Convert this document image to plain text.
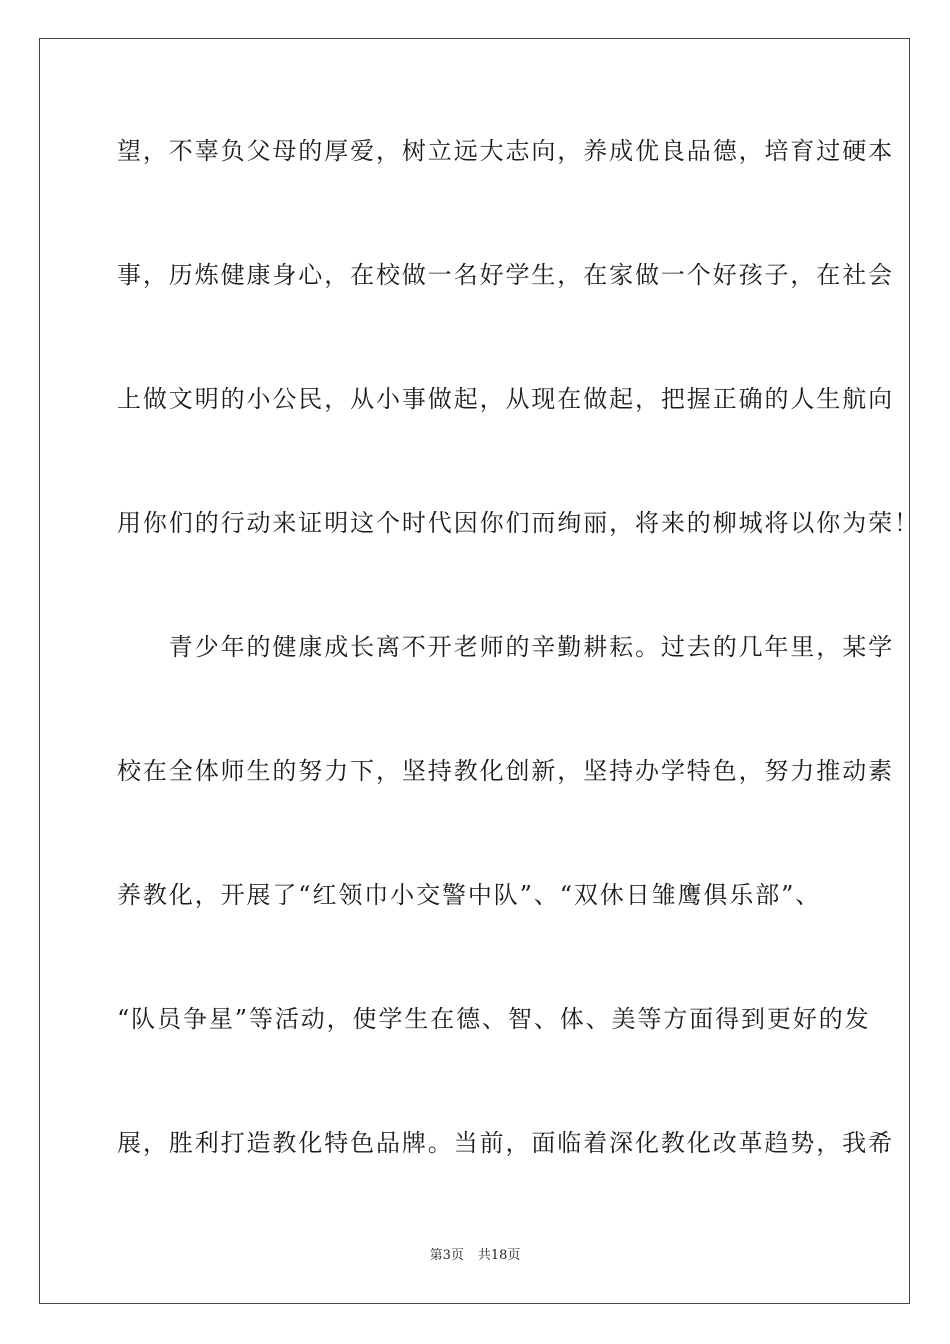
望，不辜负父母的厚爱，树立远大志向，养成优良品德，培育过硬本
事，历炼健康身心，在校做一名好学生，在家做一个好孩子，在社会
上做文明的小公民，从小事做起，从现在做起，把握正确的人生航向
用你们的行动来证明这个时代因你们而绚丽，将来的柳城将以你为荣！
　　青少年的健康成长离不开老师的辛勤耕耘。过去的几年里，某学
校在全体师生的努力下，坚持教化创新，坚持办学特色，努力推动素
养教化，开展了“红领巾小交警中队”、“双休日雏鹰俱乐部”、
“队员争星”等活动，使学生在德、智、体、美等方面得到更好的发
展，胜利打造教化特色品牌。当前，面临着深化教化改革趋势，我希
第3页 共18页
